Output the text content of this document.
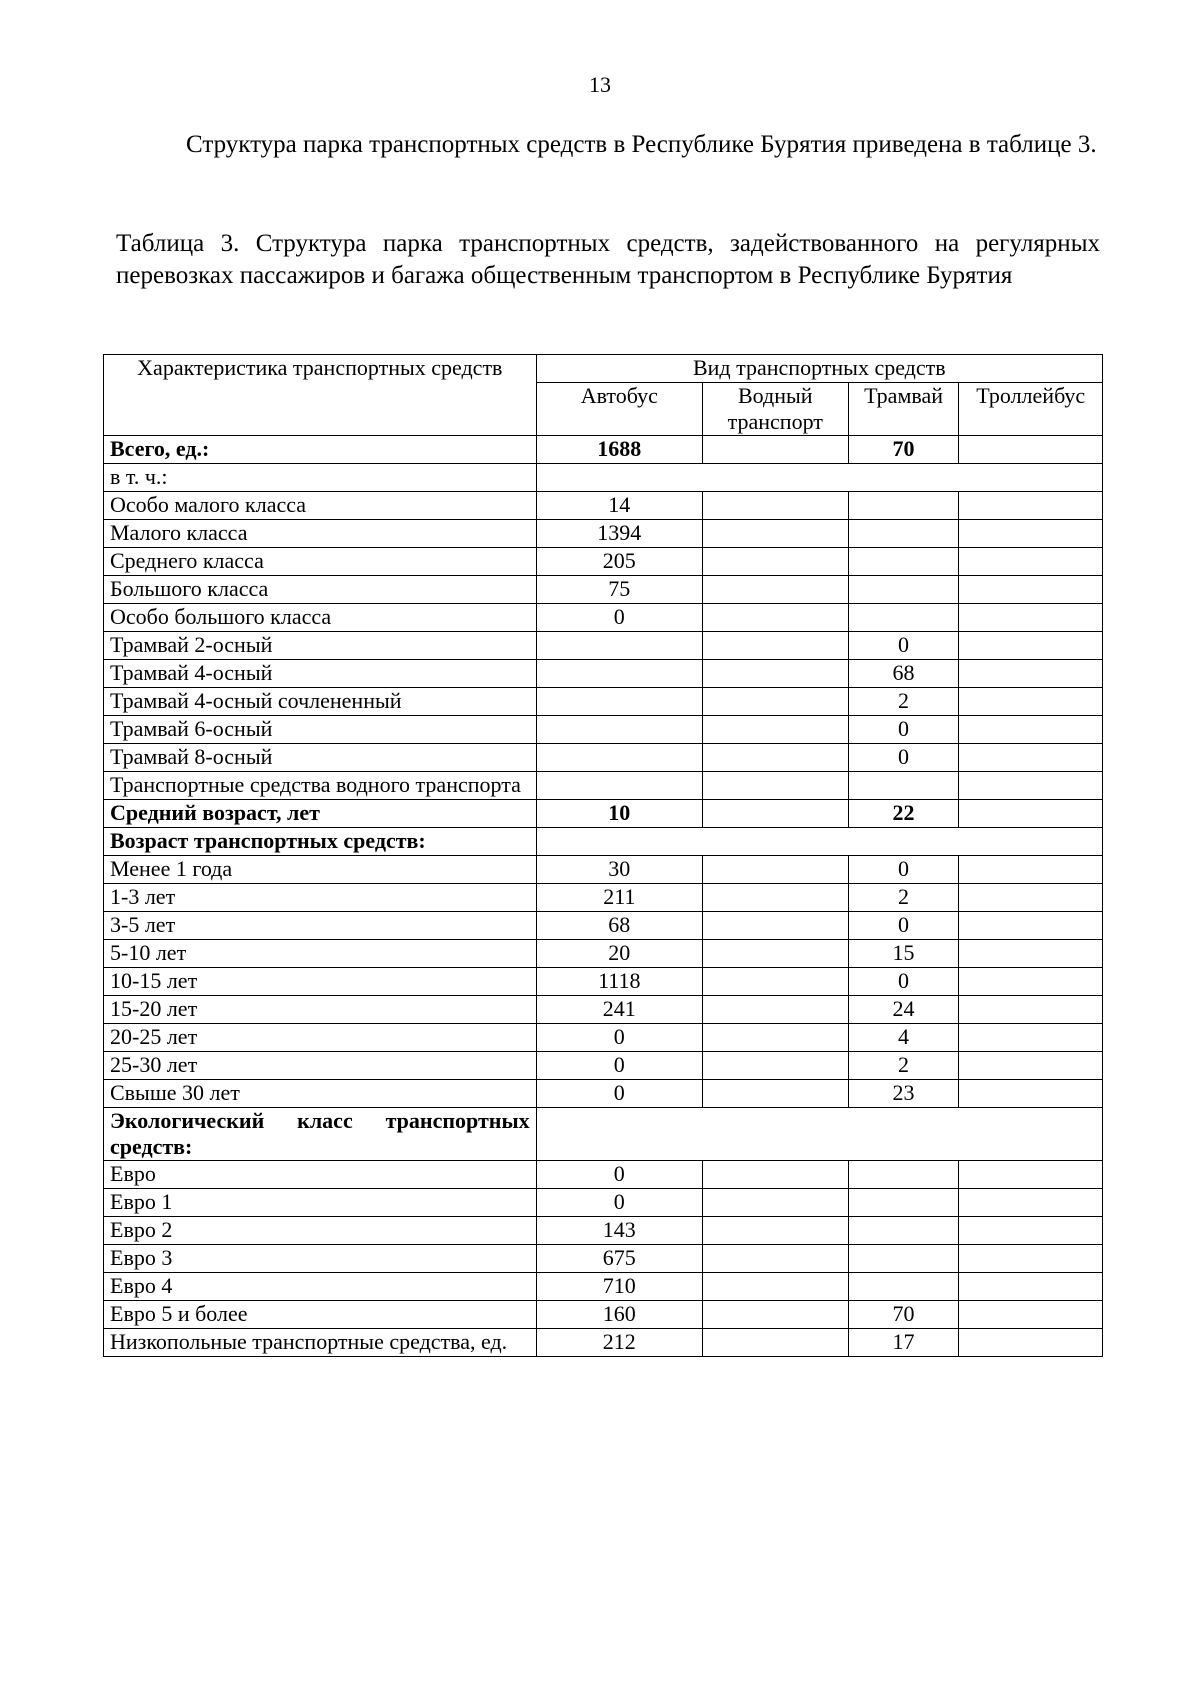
13

Структура парка транспортных средств в Республике Бурятия приведена в таблице 3.

Таблица 3. Структура парка транспортных средств, задействованного на регулярных перевозках пассажиров и багажа общественным транспортом в Республике Бурятия

Характеристика транспортных средств	Вид транспортных средств			
	Автобус	Водный транспорт	Трамвай	Троллейбус
Всего, ед.:	1688		70	
в т. ч.:				
Особо малого класса	14			
Малого класса	1394			
Среднего класса	205			
Большого класса	75			
Особо большого класса	0			
Трамвай 2-осный			0	
Трамвай 4-осный			68	
Трамвай 4-осный сочлененный			2	
Трамвай 6-осный			0	
Трамвай 8-осный			0	
Транспортные средства водного транспорта				
Средний возраст, лет	10		22	
Возраст транспортных средств:				
Менее 1 года	30		0	
1-3 лет	211		2	
3-5 лет	68		0	
5-10 лет	20		15	
10-15 лет	1118		0	
15-20 лет	241		24	
20-25 лет	0		4	
25-30 лет	0		2	
Свыше 30 лет	0		23	
Экологический класс транспортных средств:				
Евро	0			
Евро 1	0			
Евро 2	143			
Евро 3	675			
Евро 4	710			
Евро 5 и более	160		70	
Низкопольные транспортные средства, ед.	212		17	
